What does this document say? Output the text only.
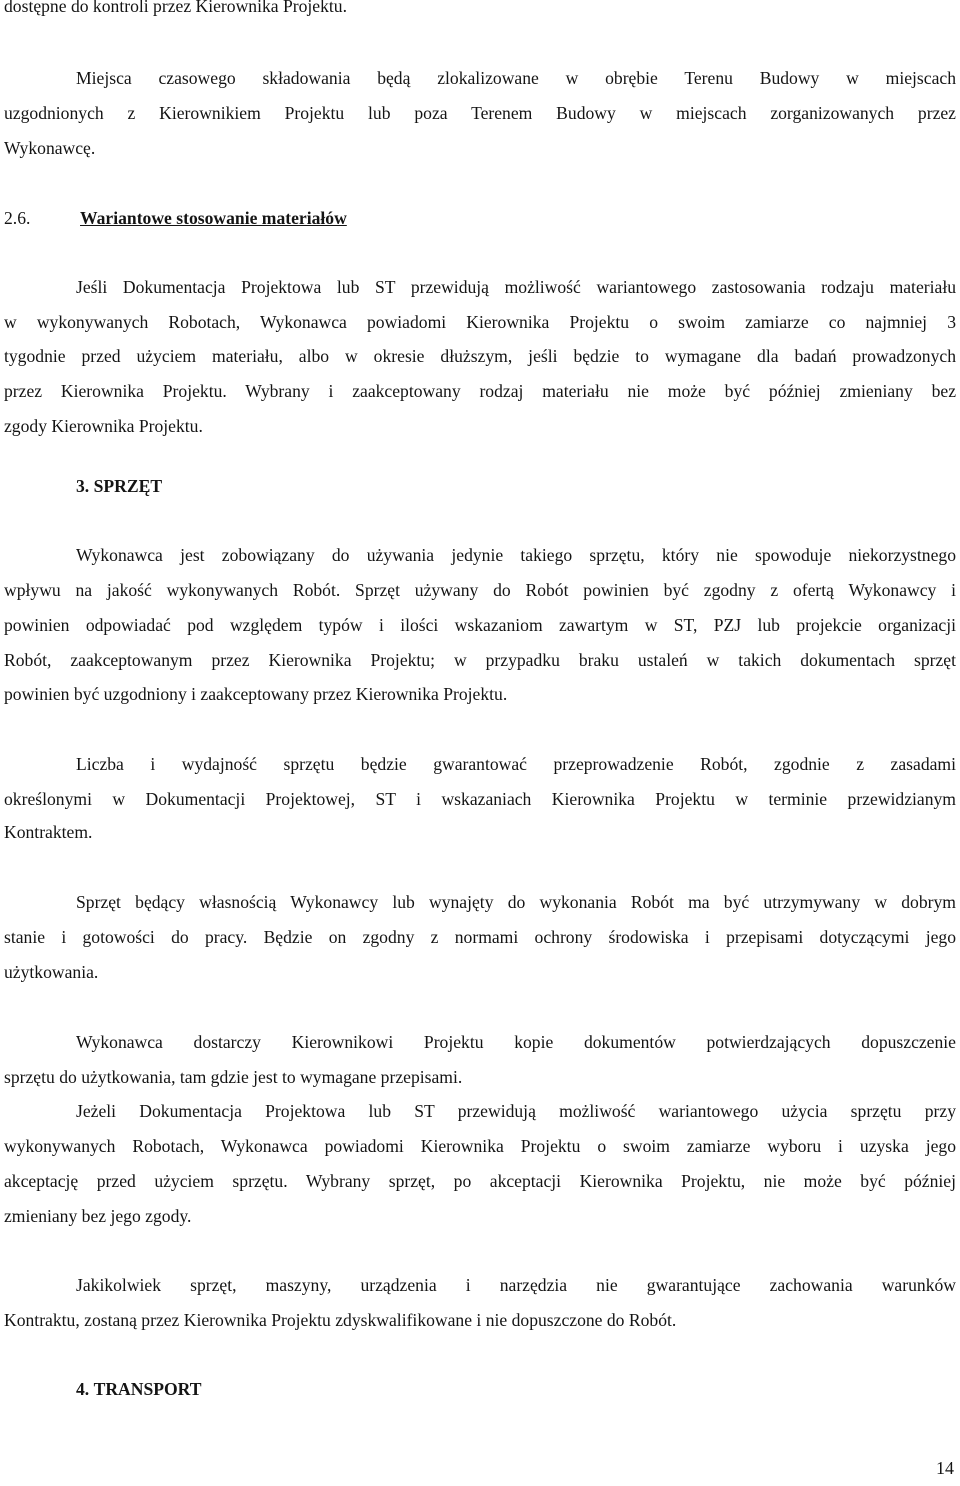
dostępne do kontroli przez Kierownika Projektu.
Miejsca czasowego składowania będą zlokalizowane w obrębie Terenu Budowy w miejscach
uzgodnionych z Kierownikiem Projektu lub poza Terenem Budowy w miejscach zorganizowanych przez
Wykonawcę.
2.6.	Wariantowe stosowanie materiałów
Jeśli Dokumentacja Projektowa lub ST przewidują możliwość wariantowego zastosowania rodzaju materiału
w wykonywanych Robotach, Wykonawca powiadomi Kierownika Projektu o swoim zamiarze co najmniej 3
tygodnie przed użyciem materiału, albo w okresie dłuższym, jeśli będzie to wymagane dla badań prowadzonych
przez Kierownika Projektu. Wybrany i zaakceptowany rodzaj materiału nie może być później zmieniany bez
zgody Kierownika Projektu.
3. SPRZĘT
Wykonawca jest zobowiązany do używania jedynie takiego sprzętu, który nie spowoduje niekorzystnego
wpływu na jakość wykonywanych Robót. Sprzęt używany do Robót powinien być zgodny z ofertą Wykonawcy i
powinien odpowiadać pod względem typów i ilości wskazaniom zawartym w ST, PZJ lub projekcie organizacji
Robót, zaakceptowanym przez Kierownika Projektu; w przypadku braku ustaleń w takich dokumentach sprzęt
powinien być uzgodniony i zaakceptowany przez Kierownika Projektu.
Liczba i wydajność sprzętu będzie gwarantować przeprowadzenie Robót, zgodnie z zasadami
określonymi w Dokumentacji Projektowej, ST i wskazaniach Kierownika Projektu w terminie przewidzianym
Kontraktem.
Sprzęt będący własnością Wykonawcy lub wynajęty do wykonania Robót ma być utrzymywany w dobrym
stanie i gotowości do pracy. Będzie on zgodny z normami ochrony środowiska i przepisami dotyczącymi jego
użytkowania.
Wykonawca dostarczy Kierownikowi Projektu kopie dokumentów potwierdzających dopuszczenie
sprzętu do użytkowania, tam gdzie jest to wymagane przepisami.
Jeżeli Dokumentacja Projektowa lub ST przewidują możliwość wariantowego użycia sprzętu przy
wykonywanych Robotach, Wykonawca powiadomi Kierownika Projektu o swoim zamiarze wyboru i uzyska jego
akceptację przed użyciem sprzętu. Wybrany sprzęt, po akceptacji Kierownika Projektu, nie może być później
zmieniany bez jego zgody.
Jakikolwiek sprzęt, maszyny, urządzenia i narzędzia nie gwarantujące zachowania warunków
Kontraktu, zostaną przez Kierownika Projektu zdyskwalifikowane i nie dopuszczone do Robót.
4. TRANSPORT
14
